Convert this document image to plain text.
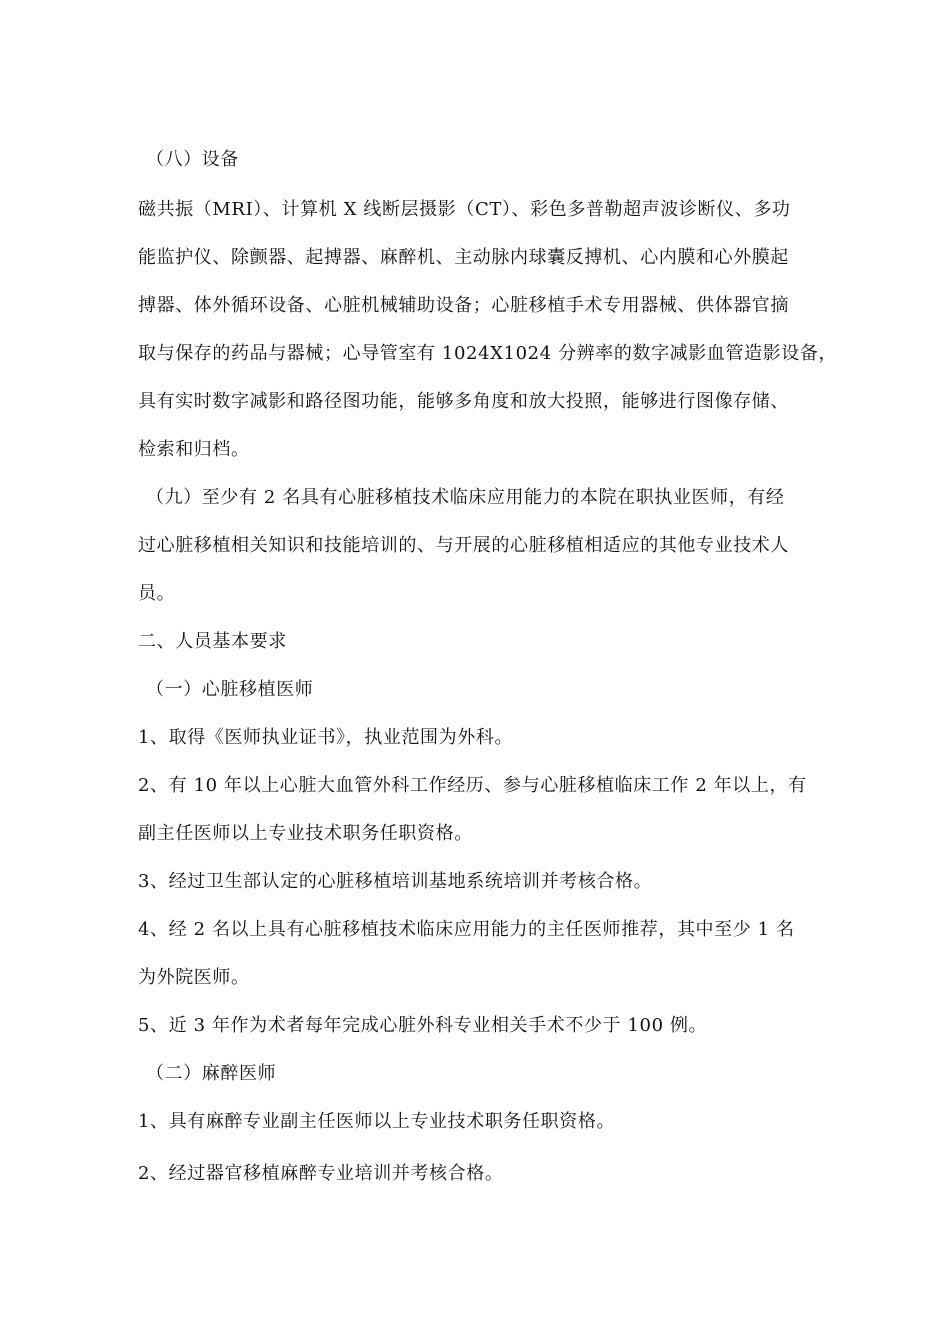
（八）设备
磁共振（MRI）、计算机 X 线断层摄影（CT）、彩色多普勒超声波诊断仪、多功
能监护仪、除颤器、起搏器、麻醉机、主动脉内球囊反搏机、心内膜和心外膜起
搏器、体外循环设备、心脏机械辅助设备；心脏移植手术专用器械、供体器官摘
取与保存的药品与器械；心导管室有 1024X1024 分辨率的数字减影血管造影设备，
具有实时数字减影和路径图功能，能够多角度和放大投照，能够进行图像存储、
检索和归档。
（九）至少有 2 名具有心脏移植技术临床应用能力的本院在职执业医师，有经
过心脏移植相关知识和技能培训的、与开展的心脏移植相适应的其他专业技术人
员。
二、人员基本要求
（一）心脏移植医师
1、取得《医师执业证书》，执业范围为外科。
2、有 10 年以上心脏大血管外科工作经历、参与心脏移植临床工作 2 年以上，有
副主任医师以上专业技术职务任职资格。
3、经过卫生部认定的心脏移植培训基地系统培训并考核合格。
4、经 2 名以上具有心脏移植技术临床应用能力的主任医师推荐，其中至少 1 名
为外院医师。
5、近 3 年作为术者每年完成心脏外科专业相关手术不少于 100 例。
（二）麻醉医师
1、具有麻醉专业副主任医师以上专业技术职务任职资格。
2、经过器官移植麻醉专业培训并考核合格。
